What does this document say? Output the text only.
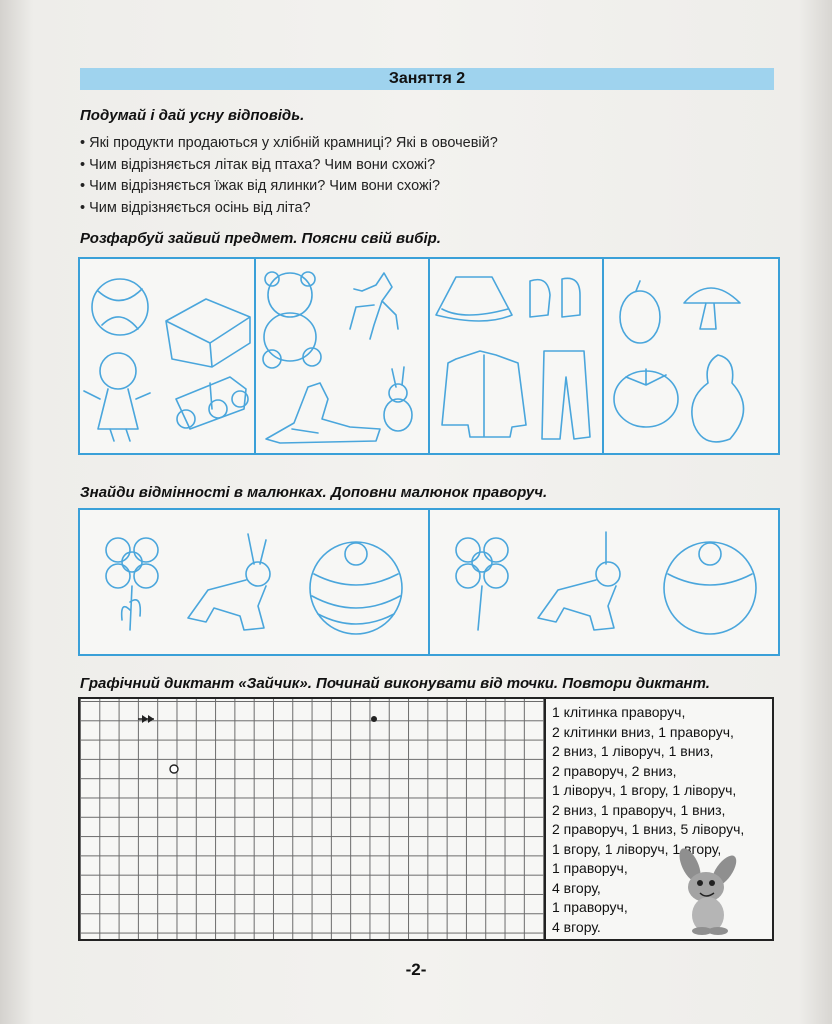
Заняття 2
Подумай і дай усну відповідь.
• Які продукти продаються у хлібній крамниці? Які в овочевій?
• Чим відрізняється літак від птаха? Чим вони схожі?
• Чим відрізняється їжак від ялинки? Чим вони схожі?
• Чим відрізняється осінь від літа?
Розфарбуй зайвий предмет. Поясни свій вибір.
Знайди відмінності в малюнках. Доповни малюнок праворуч.
Графічний диктант «Зайчик». Починай виконувати від точки. Повтори диктант.
1 клітинка праворуч,
2 клітинки вниз, 1 праворуч,
2 вниз, 1 ліворуч, 1 вниз,
2 праворуч, 2 вниз,
1 ліворуч, 1 вгору, 1 ліворуч,
2 вниз, 1 праворуч, 1 вниз,
2 праворуч, 1 вниз, 5 ліворуч,
1 вгору, 1 ліворуч, 1 вгору,
1 праворуч,
4 вгору,
1 праворуч,
4 вгору.
-2-
